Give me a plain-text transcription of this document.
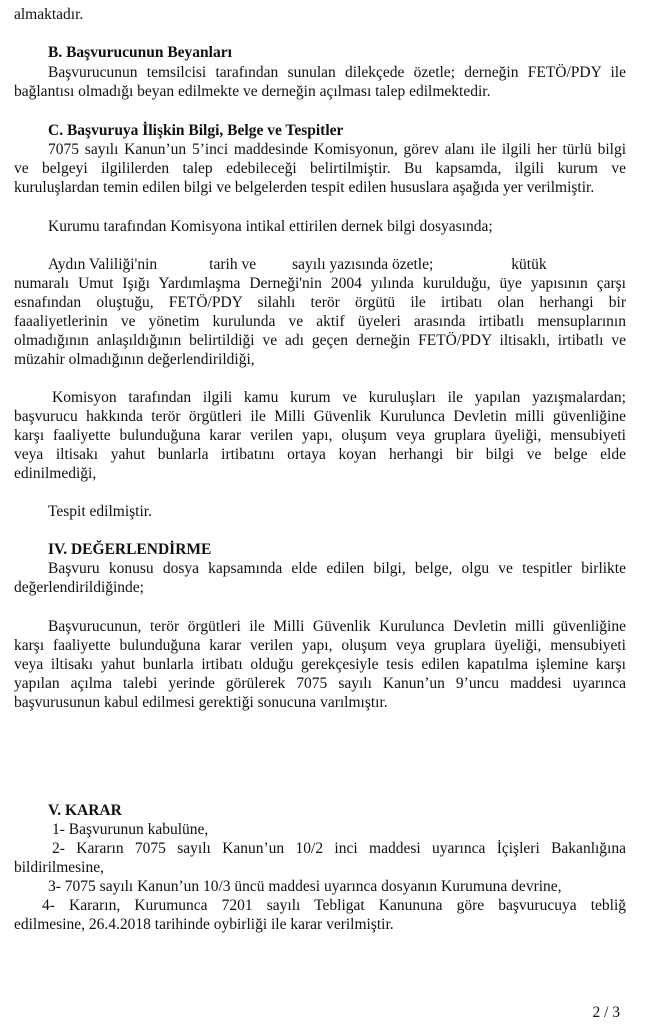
almaktadır.
B. Başvurucunun Beyanları
Başvurucunun temsilcisi tarafından sunulan dilekçede özetle; derneğin FETÖ/PDY ile
bağlantısı olmadığı beyan edilmekte ve derneğin açılması talep edilmektedir.
C. Başvuruya İlişkin Bilgi, Belge ve Tespitler
7075 sayılı Kanun’un 5’inci maddesinde Komisyonun, görev alanı ile ilgili her türlü bilgi
ve belgeyi ilgililerden talep edebileceği belirtilmiştir. Bu kapsamda, ilgili kurum ve
kuruluşlardan temin edilen bilgi ve belgelerden tespit edilen hususlara aşağıda yer verilmiştir.
Kurumu tarafından Komisyona intikal ettirilen dernek bilgi dosyasında;
Aydın Valiliği'nin	tarih ve sayılı yazısında özetle;	kütük
numaralı Umut Işığı Yardımlaşma Derneği'nin 2004 yılında kurulduğu, üye yapısının çarşı
esnafından oluştuğu, FETÖ/PDY silahlı terör örgütü ile irtibatı olan herhangi bir
faaaliyetlerinin ve yönetim kurulunda ve aktif üyeleri arasında irtibatlı mensuplarının
olmadığının anlaşıldığının belirtildiği ve adı geçen derneğin FETÖ/PDY iltisaklı, irtibatlı ve
müzahir olmadığının değerlendirildiği,
Komisyon tarafından ilgili kamu kurum ve kuruluşları ile yapılan yazışmalardan;
başvurucu hakkında terör örgütleri ile Milli Güvenlik Kurulunca Devletin milli güvenliğine
karşı faaliyette bulunduğuna karar verilen yapı, oluşum veya gruplara üyeliği, mensubiyeti
veya iltisakı yahut bunlarla irtibatını ortaya koyan herhangi bir bilgi ve belge elde
edinilmediği,
Tespit edilmiştir.
IV. DEĞERLENDİRME
Başvuru konusu dosya kapsamında elde edilen bilgi, belge, olgu ve tespitler birlikte
değerlendirildiğinde;
Başvurucunun, terör örgütleri ile Milli Güvenlik Kurulunca Devletin milli güvenliğine
karşı faaliyette bulunduğuna karar verilen yapı, oluşum veya gruplara üyeliği, mensubiyeti
veya iltisakı yahut bunlarla irtibatı olduğu gerekçesiyle tesis edilen kapatılma işlemine karşı
yapılan açılma talebi yerinde görülerek 7075 sayılı Kanun’un 9’uncu maddesi uyarınca
başvurusunun kabul edilmesi gerektiği sonucuna varılmıştır.
V. KARAR
1- Başvurunun kabulüne,
2- Kararın 7075 sayılı Kanun’un 10/2 inci maddesi uyarınca İçişleri Bakanlığına
bildirilmesine,
3- 7075 sayılı Kanun’un 10/3 üncü maddesi uyarınca dosyanın Kurumuna devrine,
4- Kararın, Kurumunca 7201 sayılı Tebligat Kanununa göre başvurucuya tebliğ
edilmesine, 26.4.2018 tarihinde oybirliği ile karar verilmiştir.
2 / 3
